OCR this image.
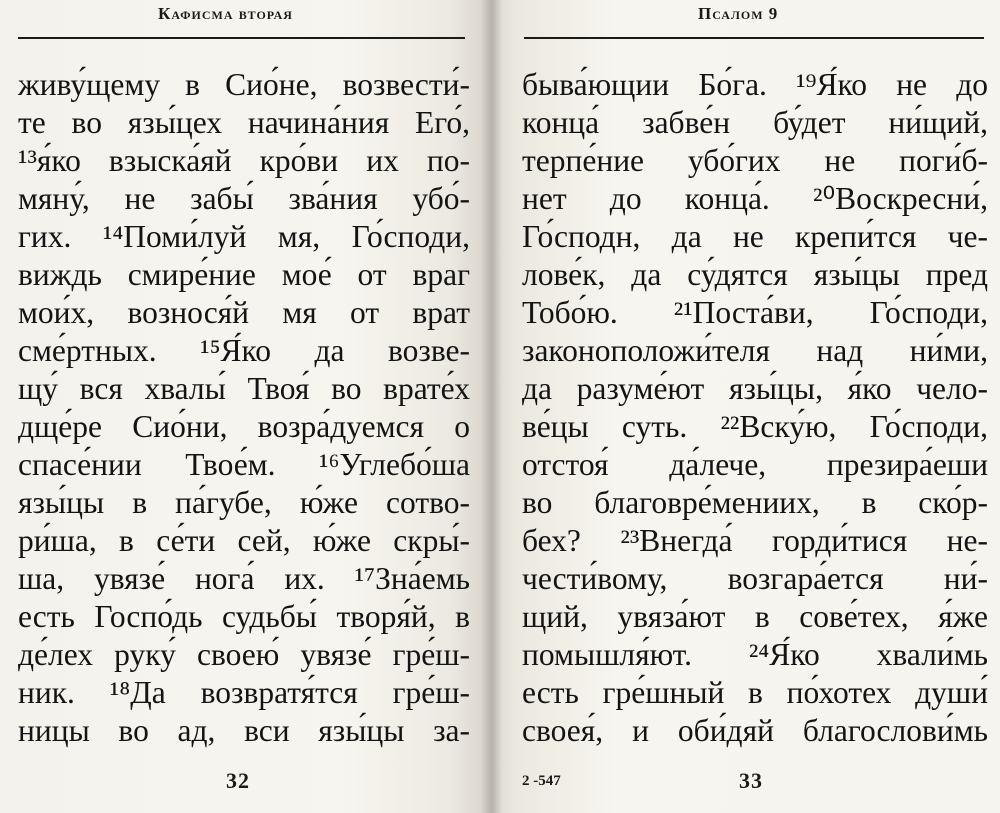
Кафисма вторая
живу́щему в Сио́не, возвести́-
те во язы́цех начина́ния Его́,
¹³я́ко взыска́яй кро́ви их по-
мяну́, не забы́ зва́ния убо́-
гих. ¹⁴Поми́луй мя, Го́споди,
виждь смире́ние мое́ от враг
мои́х, вознося́й мя от врат
сме́ртных. ¹⁵Я́ко да возве-
щу́ вся хвалы́ Твоя́ во врате́х
дще́ре Сио́ни, возра́дуемся о
спасе́нии Твое́м. ¹⁶Углебо́ша
язы́цы в па́губе, ю́же сотво-
ри́ша, в се́ти сей, ю́же скры́-
ша, увязе́ нога́ их. ¹⁷Зна́емь
есть Госпо́дь судьбы́ творя́й, в
де́лех руку́ своею́ увязе́ гре́ш-
ник. ¹⁸Да возвратя́тся гре́ш-
ницы во ад, вси язы́цы за-
32
Псалом 9
быва́ющии Бо́га. ¹⁹Я́ко не до
конца́ забве́н бу́дет ни́щий,
терпе́ние убо́гих не поги́б-
нет до конца́. ²⁰Воскресни́,
Го́сподн, да не крепи́тся че-
лове́к, да су́дятся язы́цы пред
Тобо́ю. ²¹Поста́ви, Го́споди,
законоположи́теля над ни́ми,
да разуме́ют язы́цы, я́ко чело-
ве́цы суть. ²²Вску́ю, Го́споди,
отстоя́ да́лече, презира́еши
во благовре́мениих, в ско́р-
бех? ²³Внегда́ горди́тися не-
чести́вому, возгара́ется ни́-
щий, увяза́ют в сове́тех, я́же
помышля́ют. ²⁴Я́ко хвали́мь
есть гре́шный в по́хотех души́
своея́, и оби́дяй благослови́мь
2 -547	33
